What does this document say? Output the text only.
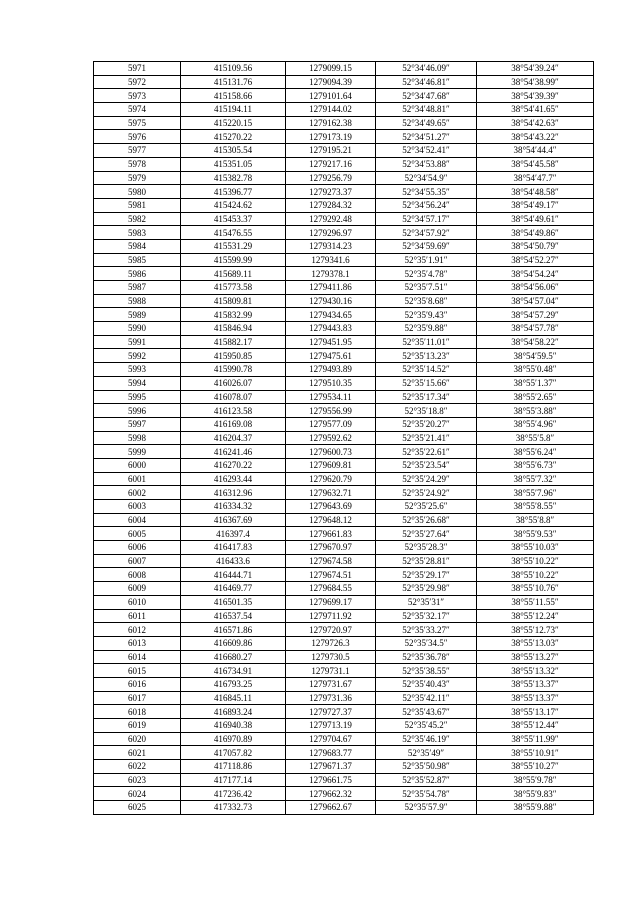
5971	415109.56	1279099.15	52°34′46.09″	38°54′39.24″
5972	415131.76	1279094.39	52°34′46.81″	38°54′38.99″
5973	415158.66	1279101.64	52°34′47.68″	38°54′39.39″
5974	415194.11	1279144.02	52°34′48.81″	38°54′41.65″
5975	415220.15	1279162.38	52°34′49.65″	38°54′42.63″
5976	415270.22	1279173.19	52°34′51.27″	38°54′43.22″
5977	415305.54	1279195.21	52°34′52.41″	38°54′44.4″
5978	415351.05	1279217.16	52°34′53.88″	38°54′45.58″
5979	415382.78	1279256.79	52°34′54.9″	38°54′47.7″
5980	415396.77	1279273.37	52°34′55.35″	38°54′48.58″
5981	415424.62	1279284.32	52°34′56.24″	38°54′49.17″
5982	415453.37	1279292.48	52°34′57.17″	38°54′49.61″
5983	415476.55	1279296.97	52°34′57.92″	38°54′49.86″
5984	415531.29	1279314.23	52°34′59.69″	38°54′50.79″
5985	415599.99	1279341.6	52°35′1.91″	38°54′52.27″
5986	415689.11	1279378.1	52°35′4.78″	38°54′54.24″
5987	415773.58	1279411.86	52°35′7.51″	38°54′56.06″
5988	415809.81	1279430.16	52°35′8.68″	38°54′57.04″
5989	415832.99	1279434.65	52°35′9.43″	38°54′57.29″
5990	415846.94	1279443.83	52°35′9.88″	38°54′57.78″
5991	415882.17	1279451.95	52°35′11.01″	38°54′58.22″
5992	415950.85	1279475.61	52°35′13.23″	38°54′59.5″
5993	415990.78	1279493.89	52°35′14.52″	38°55′0.48″
5994	416026.07	1279510.35	52°35′15.66″	38°55′1.37″
5995	416078.07	1279534.11	52°35′17.34″	38°55′2.65″
5996	416123.58	1279556.99	52°35′18.8″	38°55′3.88″
5997	416169.08	1279577.09	52°35′20.27″	38°55′4.96″
5998	416204.37	1279592.62	52°35′21.41″	38°55′5.8″
5999	416241.46	1279600.73	52°35′22.61″	38°55′6.24″
6000	416270.22	1279609.81	52°35′23.54″	38°55′6.73″
6001	416293.44	1279620.79	52°35′24.29″	38°55′7.32″
6002	416312.96	1279632.71	52°35′24.92″	38°55′7.96″
6003	416334.32	1279643.69	52°35′25.6″	38°55′8.55″
6004	416367.69	1279648.12	52°35′26.68″	38°55′8.8″
6005	416397.4	1279661.83	52°35′27.64″	38°55′9.53″
6006	416417.83	1279670.97	52°35′28.3″	38°55′10.03″
6007	416433.6	1279674.58	52°35′28.81″	38°55′10.22″
6008	416444.71	1279674.51	52°35′29.17″	38°55′10.22″
6009	416469.77	1279684.55	52°35′29.98″	38°55′10.76″
6010	416501.35	1279699.17	52°35′31″	38°55′11.55″
6011	416537.54	1279711.92	52°35′32.17″	38°55′12.24″
6012	416571.86	1279720.97	52°35′33.27″	38°55′12.73″
6013	416609.86	1279726.3	52°35′34.5″	38°55′13.03″
6014	416680.27	1279730.5	52°35′36.78″	38°55′13.27″
6015	416734.91	1279731.1	52°35′38.55″	38°55′13.32″
6016	416793.25	1279731.67	52°35′40.43″	38°55′13.37″
6017	416845.11	1279731.36	52°35′42.11″	38°55′13.37″
6018	416893.24	1279727.37	52°35′43.67″	38°55′13.17″
6019	416940.38	1279713.19	52°35′45.2″	38°55′12.44″
6020	416970.89	1279704.67	52°35′46.19″	38°55′11.99″
6021	417057.82	1279683.77	52°35′49″	38°55′10.91″
6022	417118.86	1279671.37	52°35′50.98″	38°55′10.27″
6023	417177.14	1279661.75	52°35′52.87″	38°55′9.78″
6024	417236.42	1279662.32	52°35′54.78″	38°55′9.83″
6025	417332.73	1279662.67	52°35′57.9″	38°55′9.88″
